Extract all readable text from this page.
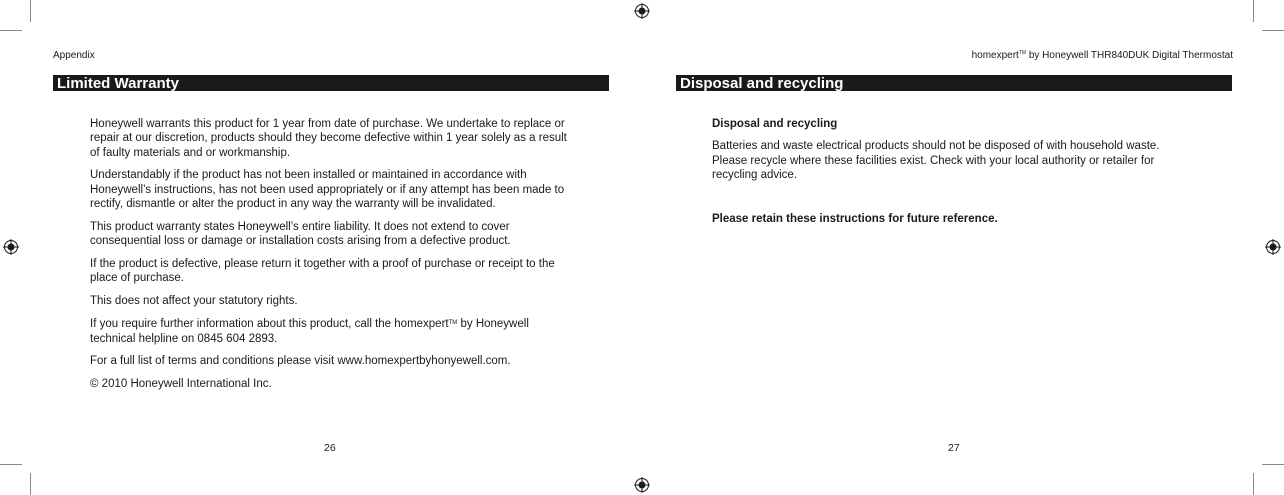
Appendix
Limited Warranty

Honeywell warrants this product for 1 year from date of purchase. We undertake to replace or repair at our discretion, products should they become defective within 1 year solely as a result of faulty materials and or workmanship.

Understandably if the product has not been installed or maintained in accordance with Honeywell’s instructions, has not been used appropriately or if any attempt has been made to rectify, dismantle or alter the product in any way the warranty will be invalidated.

This product warranty states Honeywell’s entire liability. It does not extend to cover consequential loss or damage or installation costs arising from a defective product.

If the product is defective, please return it together with a proof of purchase or receipt to the place of purchase.

This does not affect your statutory rights.

If you require further information about this product, call the homexpert™ by Honeywell technical helpline on 0845 604 2893.

For a full list of terms and conditions please visit www.homexpertbyhonyewell.com.

© 2010 Honeywell International Inc.

26
homexpert™ by Honeywell THR840DUK Digital Thermostat
Disposal and recycling

Disposal and recycling

Batteries and waste electrical products should not be disposed of with household waste. Please recycle where these facilities exist. Check with your local authority or retailer for recycling advice.

Please retain these instructions for future reference.

27
